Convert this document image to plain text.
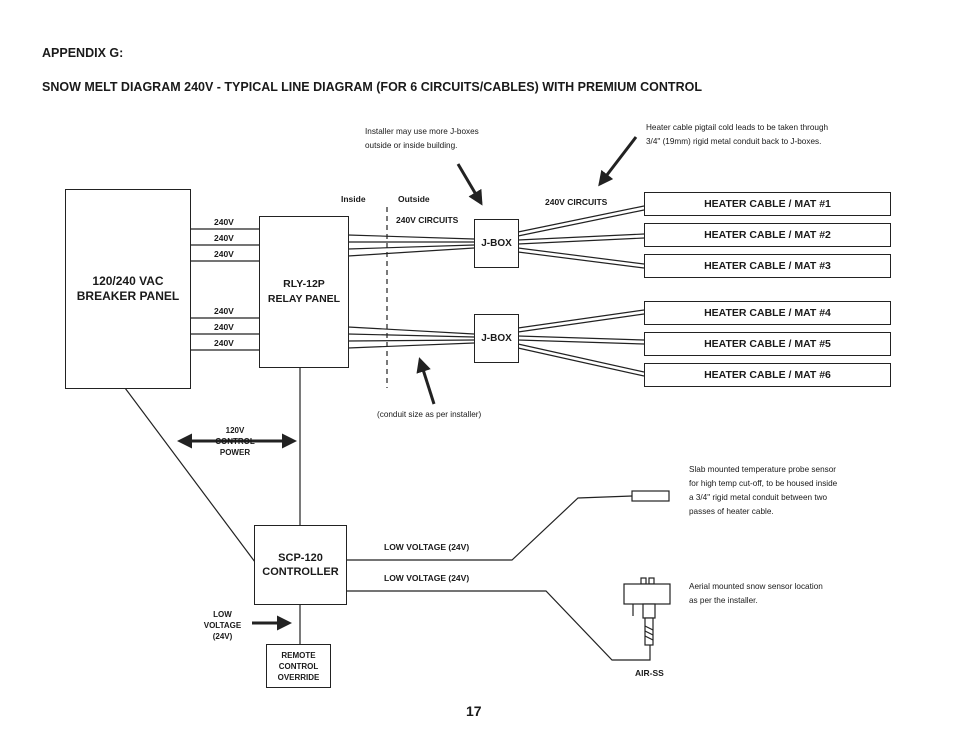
APPENDIX G:
SNOW MELT DIAGRAM 240V - TYPICAL LINE DIAGRAM (FOR 6 CIRCUITS/CABLES) WITH PREMIUM CONTROL
Installer may use more J-boxes
outside or inside building.
Heater cable pigtail cold leads to be taken through
3/4" (19mm) rigid metal conduit back to J-boxes.
(conduit size as per installer)
Slab mounted temperature probe sensor
for high temp cut-off, to be housed inside
a 3/4" rigid metal conduit between two
passes of heater cable.
Aerial mounted snow sensor location
as per the installer.
120/240 VAC
BREAKER PANEL
240V
240V
240V
240V
240V
240V
RLY-12P
RELAY PANEL
Inside	Outside
240V CIRCUITS
240V CIRCUITS
J-BOX
J-BOX
HEATER CABLE / MAT #1
HEATER CABLE / MAT #2
HEATER CABLE / MAT #3
HEATER CABLE / MAT #4
HEATER CABLE / MAT #5
HEATER CABLE / MAT #6
120V
CONTROL
POWER
SCP-120
CONTROLLER
LOW VOLTAGE (24V)
LOW VOLTAGE (24V)
LOW
VOLTAGE
(24V)
REMOTE
CONTROL
OVERRIDE	AIR-SS
17
